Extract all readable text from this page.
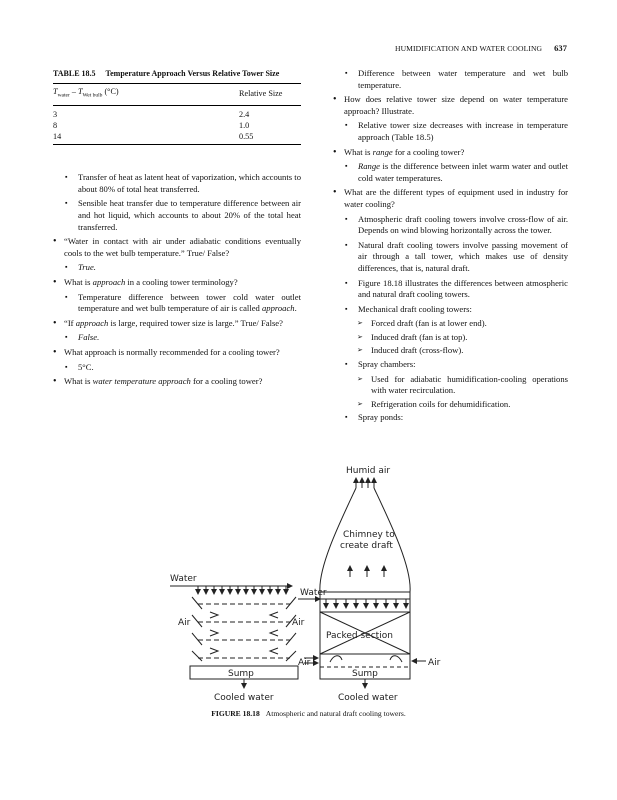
HUMIDIFICATION AND WATER COOLING 637
TABLE 18.5 Temperature Approach Versus Relative Tower Size
$T_{water} - T_{Wet bulb}$ (°C)	Relative Size
3	2.4
8	1.0
14	0.55
▪ Transfer of heat as latent heat of vaporization, which accounts to about 80% of total heat transferred.
▪ Sensible heat transfer due to temperature difference between air and hot liquid, which accounts to about 20% of the total heat transferred.
• “Water in contact with air under adiabatic conditions eventually cools to the wet bulb temperature.” True/ False?
▪ True.
• What is approach in a cooling tower terminology?
▪ Temperature difference between tower cold water outlet temperature and wet bulb temperature of air is called approach.
• “If approach is large, required tower size is large.” True/ False?
▪ False.
• What approach is normally recommended for a cooling tower?
▪ 5°C.
• What is water temperature approach for a cooling tower?
▪ Difference between water temperature and wet bulb temperature.
• How does relative tower size depend on water temperature approach? Illustrate.
▪ Relative tower size decreases with increase in temperature approach (Table 18.5)
• What is range for a cooling tower?
▪ Range is the difference between inlet warm water and outlet cold water temperatures.
• What are the different types of equipment used in industry for water cooling?
▪ Atmospheric draft cooling towers involve cross-flow of air. Depends on wind blowing horizontally across the tower.
▪ Natural draft cooling towers involve passing movement of air through a tall tower, which makes use of density differences, that is, natural draft.
▪ Figure 18.18 illustrates the differences between atmospheric and natural draft cooling towers.
▪ Mechanical draft cooling towers:
➢ Forced draft (fan is at lower end).
➢ Induced draft (fan is at top).
➢ Induced draft (cross-flow).
▪ Spray chambers:
➢ Used for adiabatic humidification-cooling operations with water recirculation.
➢ Refrigeration coils for dehumidification.
▪ Spray ponds:
Humid air
Chimney to
create draft
Water
Water
Air	Air
Packed section
Air	Air
Sump	Sump
Cooled water	Cooled water
FIGURE 18.18 Atmospheric and natural draft cooling towers.
